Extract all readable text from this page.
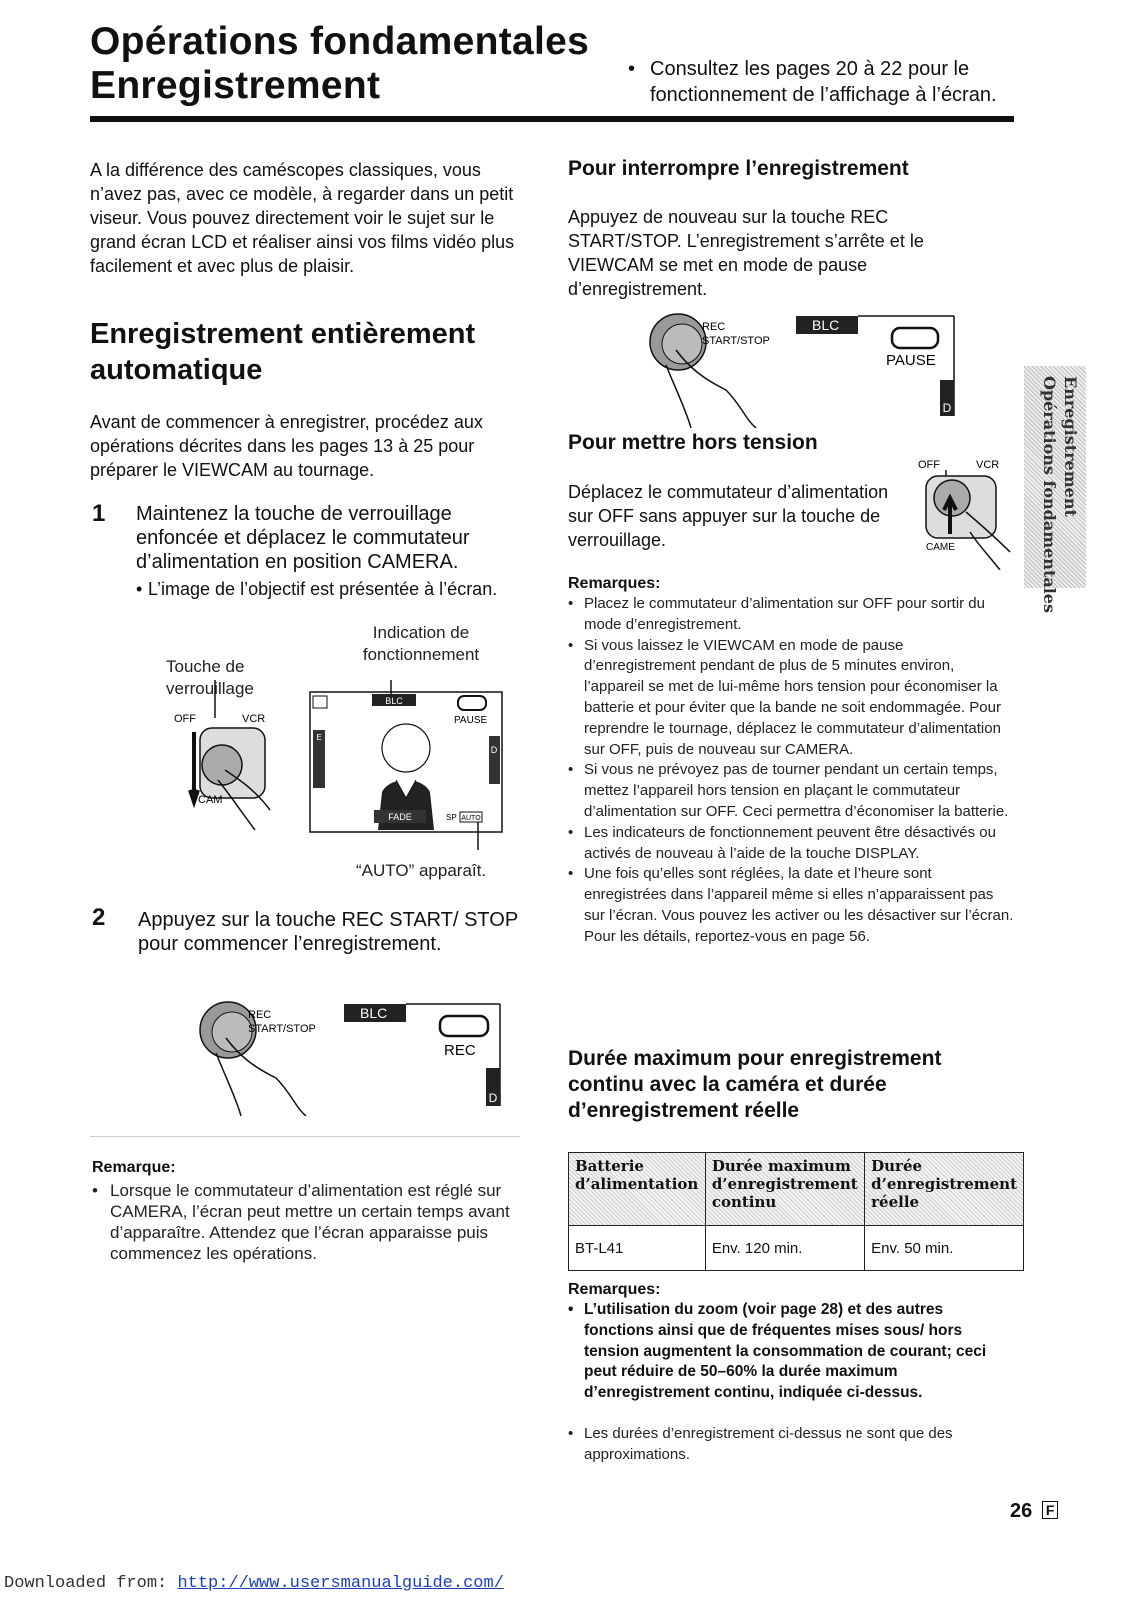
Opérations fondamentales
Enregistrement	• Consultez les pages 20 à 22 pour le fonctionnement de l’affichage à l’écran.
A la différence des caméscopes classiques, vous n’avez pas, avec ce modèle, à regarder dans un petit viseur. Vous pouvez directement voir le sujet sur le grand écran LCD et réaliser ainsi vos films vidéo plus facilement et avec plus de plaisir.
Enregistrement entièrement automatique
Avant de commencer à enregistrer, procédez aux opérations décrites dans les pages 13 à 25 pour préparer le VIEWCAM au tournage.
1 Maintenez la touche de verrouillage enfoncée et déplacez le commutateur d’alimentation en position CAMERA.
• L’image de l’objectif est présentée à l’écran.
Indication de fonctionnement
Touche de verrouillage
OFF	VCR
CAM
BLC
PAUSE
E
D
FADE	SP AUTO
“AUTO” apparaît.
2 Appuyez sur la touche REC START/ STOP pour commencer l’enregistrement.
REC
START/STOP
BLC
REC
D
Remarque:
• Lorsque le commutateur d’alimentation est réglé sur CAMERA, l’écran peut mettre un certain temps avant d’apparaître. Attendez que l’écran apparaisse puis commencez les opérations.
Pour interrompre l’enregistrement
Appuyez de nouveau sur la touche REC START/STOP. L’enregistrement s’arrête et le VIEWCAM se met en mode de pause d’enregistrement.
REC
START/STOP
BLC
PAUSE
D
Pour mettre hors tension
Déplacez le commutateur d’alimentation sur OFF sans appuyer sur la touche de verrouillage.
OFF	VCR
CAME
Remarques:
• Placez le commutateur d’alimentation sur OFF pour sortir du mode d’enregistrement.
• Si vous laissez le VIEWCAM en mode de pause d’enregistrement pendant de plus de 5 minutes environ, l’appareil se met de lui-même hors tension pour économiser la batterie et pour éviter que la bande ne soit endommagée. Pour reprendre le tournage, déplacez le commutateur d’alimentation sur OFF, puis de nouveau sur CAMERA.
• Si vous ne prévoyez pas de tourner pendant un certain temps, mettez l’appareil hors tension en plaçant le commutateur d’alimentation sur OFF. Ceci permettra d’économiser la batterie.
• Les indicateurs de fonctionnement peuvent être désactivés ou activés de nouveau à l’aide de la touche DISPLAY.
• Une fois qu’elles sont réglées, la date et l’heure sont enregistrées dans l’appareil même si elles n’apparaissent pas sur l’écran. Vous pouvez les activer ou les désactiver sur l’écran. Pour les détails, reportez-vous en page 56.
Durée maximum pour enregistrement continu avec la caméra et durée d’enregistrement réelle
Batterie d’alimentation	Durée maximum d’enregistrement continu	Durée d’enregistrement réelle
BT-L41	Env. 120 min.	Env. 50 min.
Remarques:
• L’utilisation du zoom (voir page 28) et des autres fonctions ainsi que de fréquentes mises sous/ hors tension augmentent la consommation de courant; ceci peut réduire de 50–60% la durée maximum d’enregistrement continu, indiquée ci-dessus.
• Les durées d’enregistrement ci-dessus ne sont que des approximations.
Opérations fondamentales Enregistrement
26 F
Downloaded from: http://www.usersmanualguide.com/
